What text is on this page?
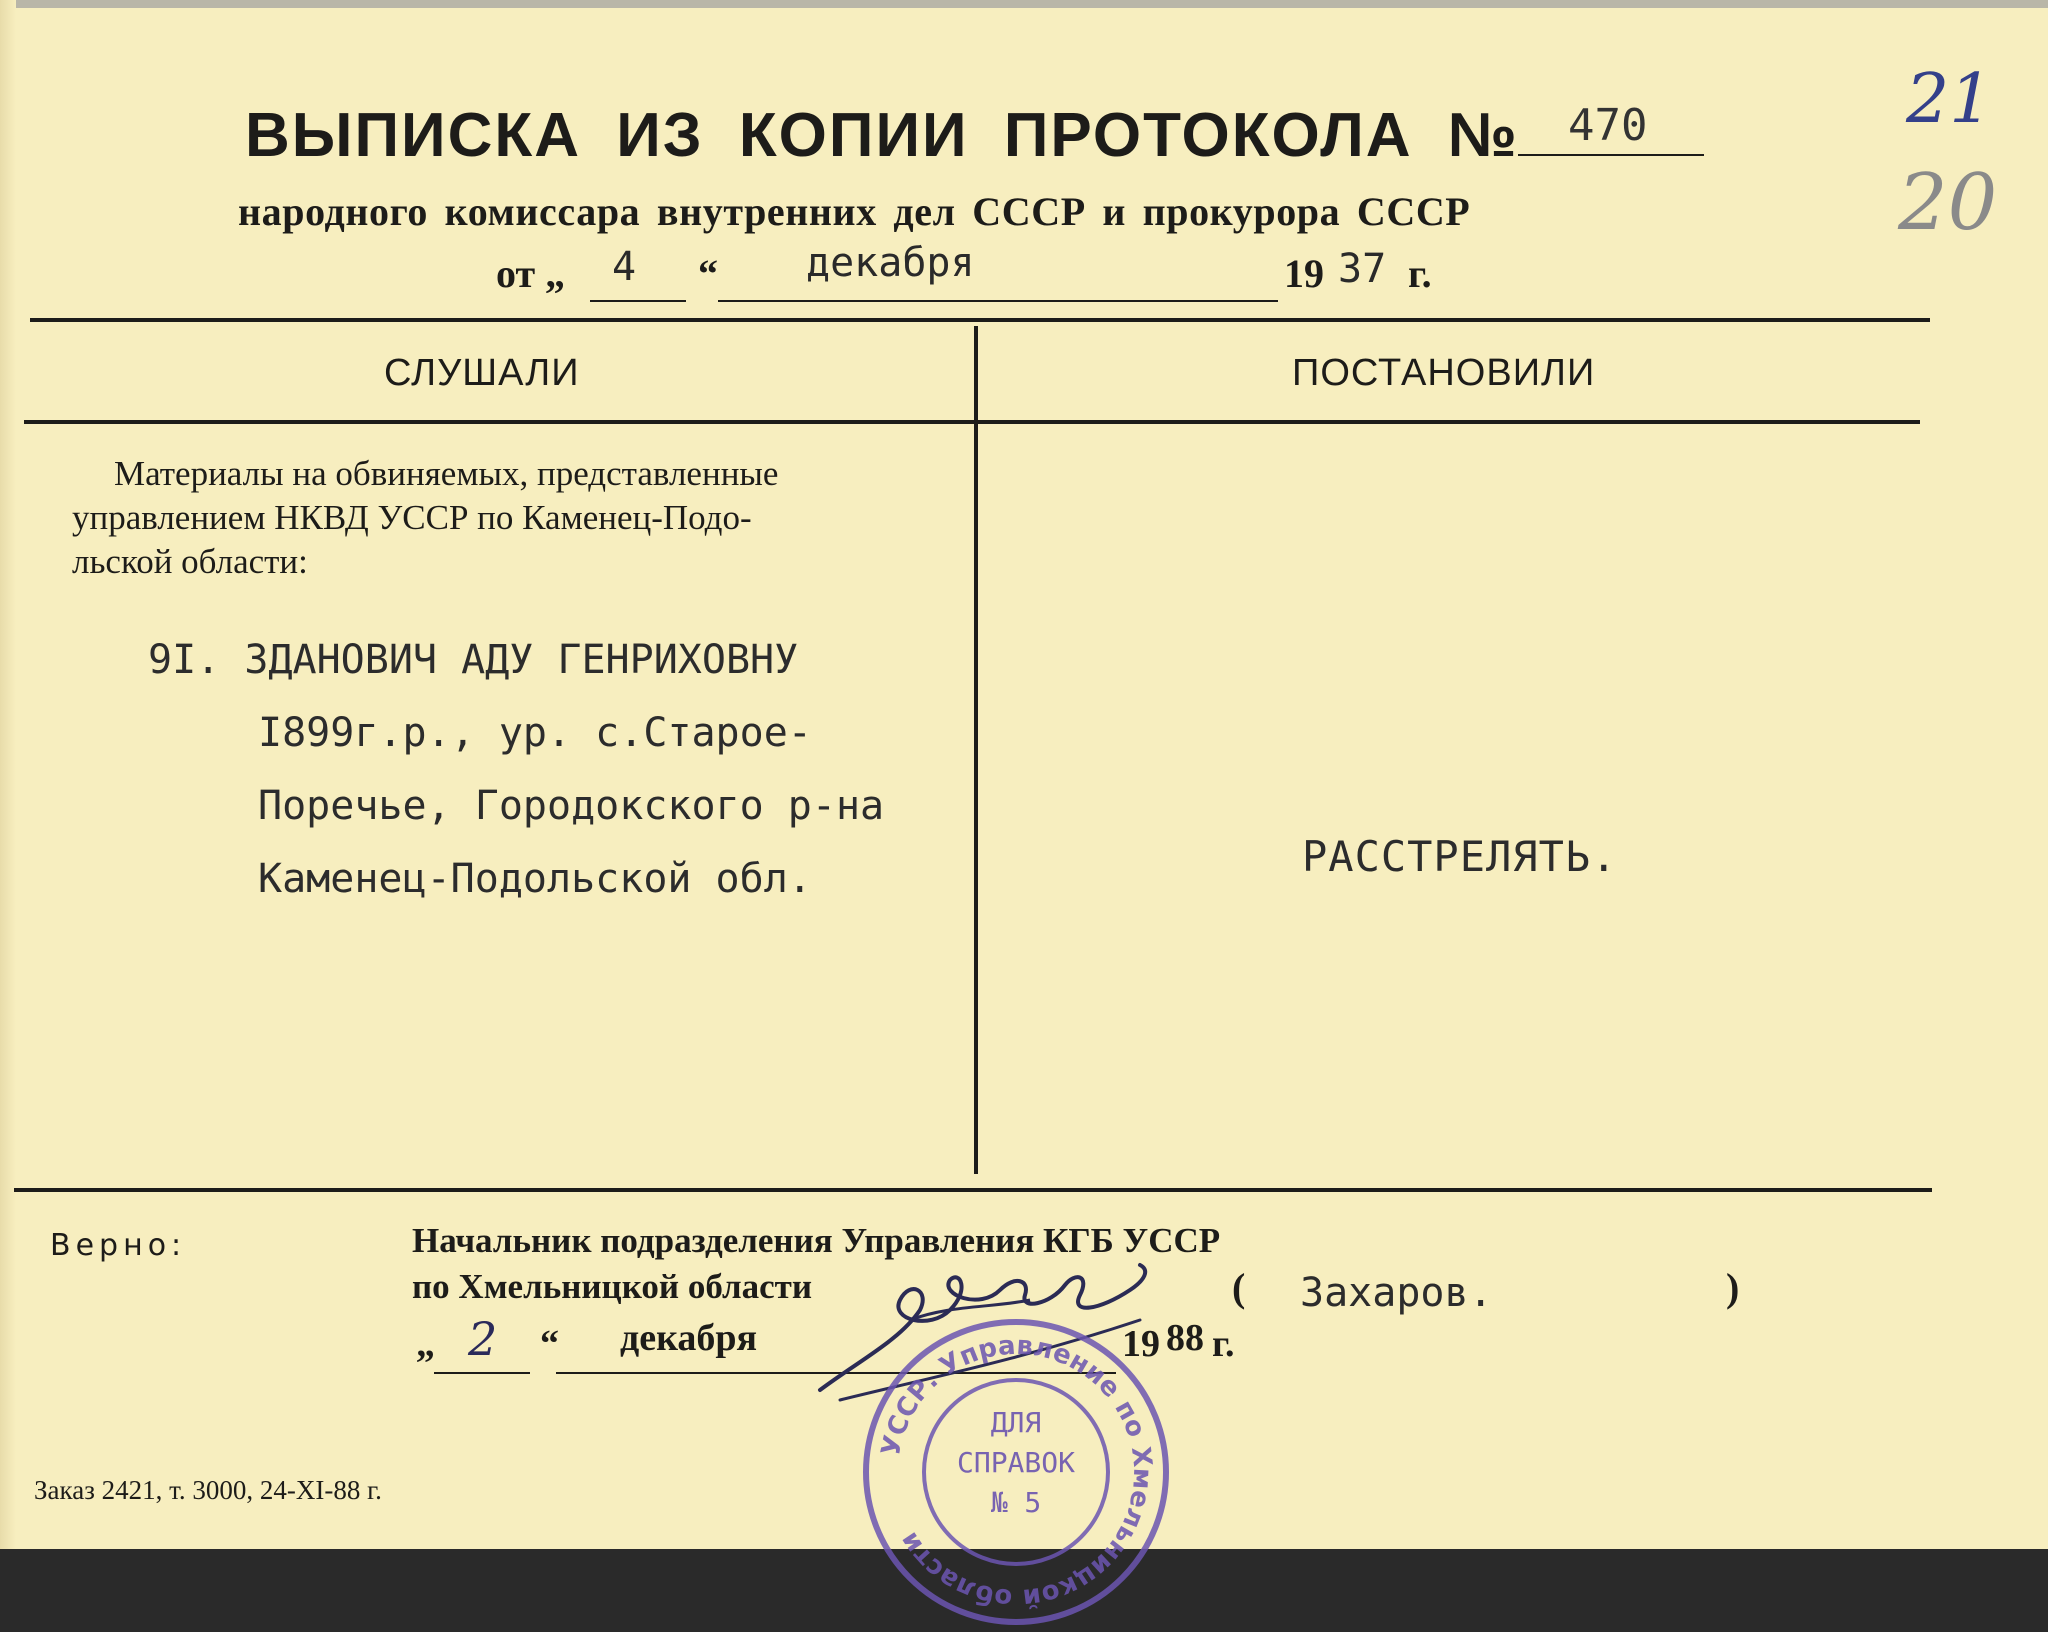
ВЫПИСКА ИЗ КОПИИ ПРОТОКОЛА № 470
народного комиссара внутренних дел СССР и прокурора СССР
от „ 4 “ декабря	19 37 г.
21
20
СЛУШАЛИ	ПОСТАНОВИЛИ
Материалы на обвиняемых, представленные
управлением НКВД УССР по Каменец-Подо-
льской области:
9I. ЗДАНОВИЧ АДУ ГЕНРИХОВНУ
I899г.р., ур. с.Старое-
Поречье, Городокского р-на
Каменец-Подольской обл.	РАССТРЕЛЯТЬ.
Верно:	Начальник подразделения Управления КГБ УССР
по Хмельницкой области	( Захаров.	)
„ 2 “ декабря	19 88 г.
УССР. Управление по Хмельницкой области
ДЛЯ
СПРАВОК
№ 5
Заказ 2421, т. 3000, 24-XI-88 г.
